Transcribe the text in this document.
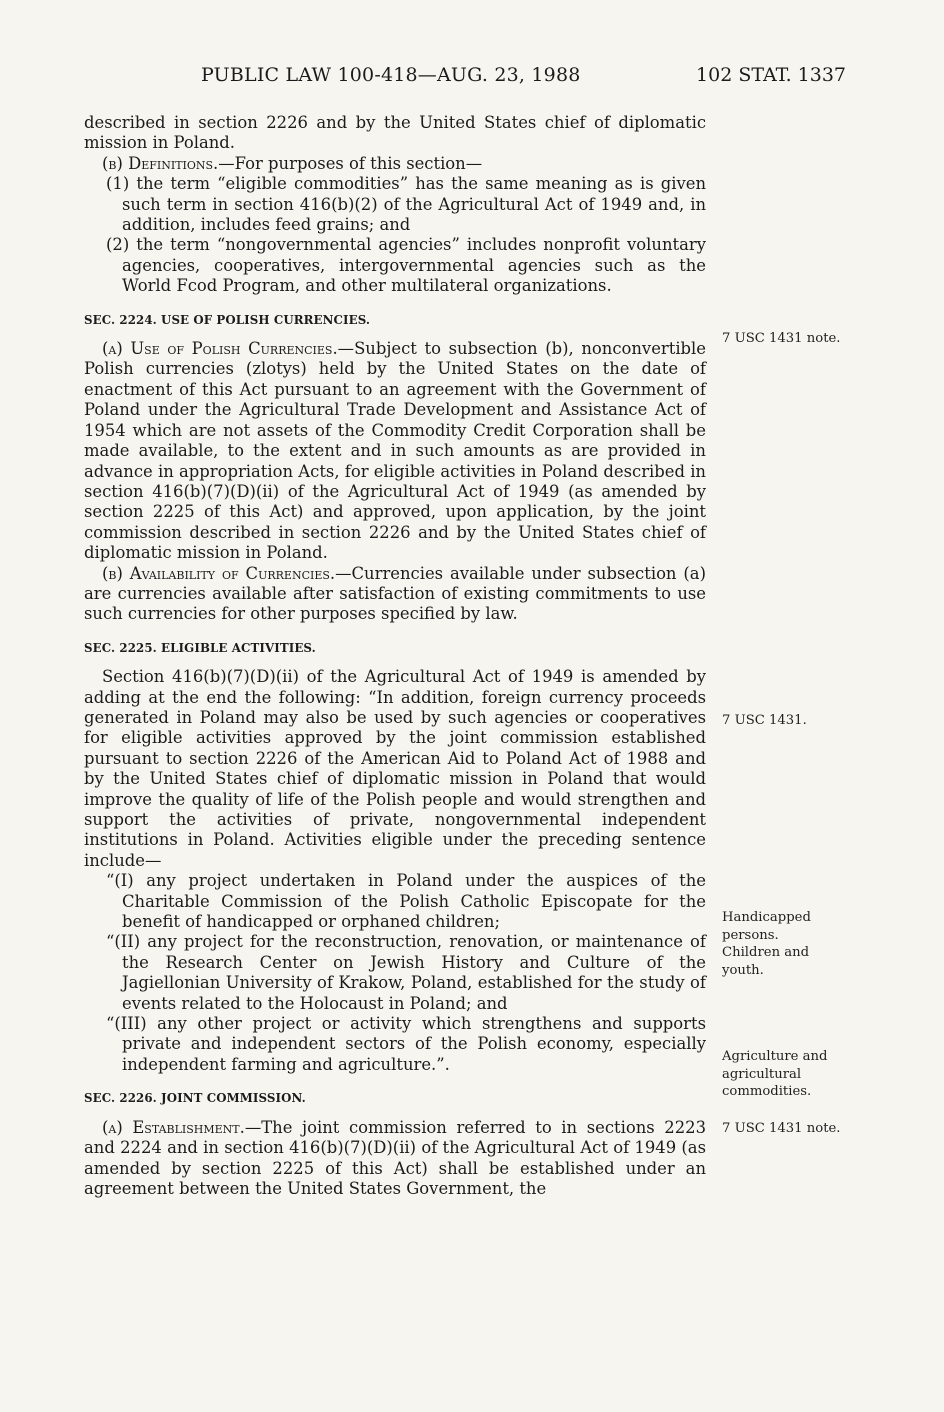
PUBLIC LAW 100-418—AUG. 23, 1988	102 STAT. 1337

described in section 2226 and by the United States chief of diplomatic mission in Poland.

(b) Definitions.—For purposes of this section—

(1) the term “eligible commodities” has the same meaning as is given such term in section 416(b)(2) of the Agricultural Act of 1949 and, in addition, includes feed grains; and

(2) the term “nongovernmental agencies” includes nonprofit voluntary agencies, cooperatives, intergovernmental agencies such as the World Fcod Program, and other multilateral organizations.

SEC. 2224. USE OF POLISH CURRENCIES.

(a) Use of Polish Currencies.—Subject to subsection (b), nonconvertible Polish currencies (zlotys) held by the United States on the date of enactment of this Act pursuant to an agreement with the Government of Poland under the Agricultural Trade Development and Assistance Act of 1954 which are not assets of the Commodity Credit Corporation shall be made available, to the extent and in such amounts as are provided in advance in appropriation Acts, for eligible activities in Poland described in section 416(b)(7)(D)(ii) of the Agricultural Act of 1949 (as amended by section 2225 of this Act) and approved, upon application, by the joint commission described in section 2226 and by the United States chief of diplomatic mission in Poland.

(b) Availability of Currencies.—Currencies available under subsection (a) are currencies available after satisfaction of existing commitments to use such currencies for other purposes specified by law.

SEC. 2225. ELIGIBLE ACTIVITIES.

Section 416(b)(7)(D)(ii) of the Agricultural Act of 1949 is amended by adding at the end the following: “In addition, foreign currency proceeds generated in Poland may also be used by such agencies or cooperatives for eligible activities approved by the joint commission established pursuant to section 2226 of the American Aid to Poland Act of 1988 and by the United States chief of diplomatic mission in Poland that would improve the quality of life of the Polish people and would strengthen and support the activities of private, nongovernmental independent institutions in Poland. Activities eligible under the preceding sentence include—

“(I) any project undertaken in Poland under the auspices of the Charitable Commission of the Polish Catholic Episcopate for the benefit of handicapped or orphaned children;

“(II) any project for the reconstruction, renovation, or maintenance of the Research Center on Jewish History and Culture of the Jagiellonian University of Krakow, Poland, established for the study of events related to the Holocaust in Poland; and

“(III) any other project or activity which strengthens and supports private and independent sectors of the Polish economy, especially independent farming and agriculture.”.

SEC. 2226. JOINT COMMISSION.

(a) Establishment.—The joint commission referred to in sections 2223 and 2224 and in section 416(b)(7)(D)(ii) of the Agricultural Act of 1949 (as amended by section 2225 of this Act) shall be established under an agreement between the United States Government, the

7 USC 1431 note.
7 USC 1431.
Handicapped persons.
Children and youth.
Agriculture and agricultural commodities.
7 USC 1431 note.
